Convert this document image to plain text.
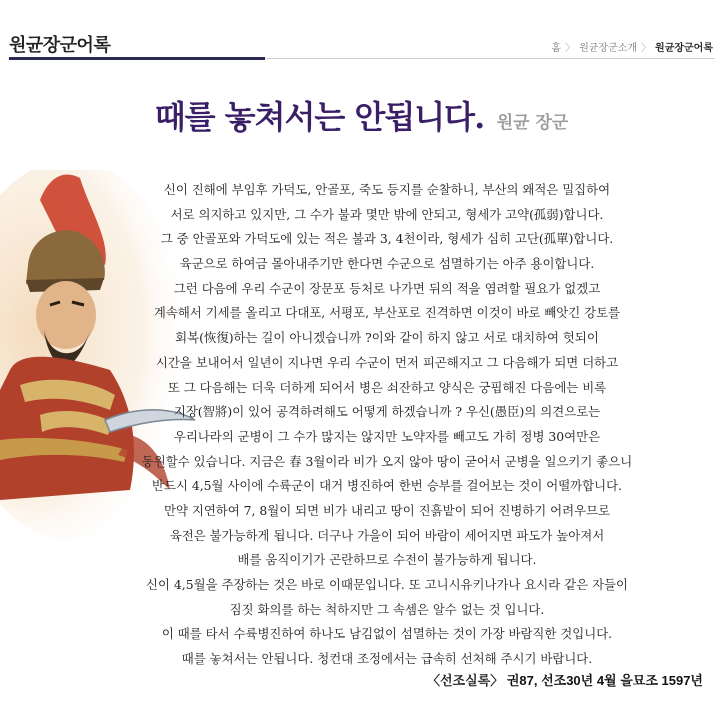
원균장군어록	홈 〉 원균장군소개 〉 원균장군어록
때를 놓쳐서는 안됩니다. 원균 장군
신이 진해에 부임후 가덕도, 안골포, 죽도 등지를 순찰하니, 부산의 왜적은 밀집하여
서로 의지하고 있지만, 그 수가 불과 몇만 밖에 안되고, 형세가 고약(孤弱)합니다.
그 중 안골포와 가덕도에 있는 적은 불과 3, 4천이라, 형세가 심히 고단(孤單)합니다.
육군으로 하여금 몰아내주기만 한다면 수군으로 섬멸하기는 아주 용이합니다.
그런 다음에 우리 수군이 장문포 등처로 나가면 뒤의 적을 염려할 필요가 없겠고
계속해서 기세를 올리고 다대포, 서평포, 부산포로 진격하면 이것이 바로 빼앗긴 강토를
회복(恢復)하는 길이 아니겠습니까 ?이와 같이 하지 않고 서로 대치하여 헛되이
시간을 보내어서 일년이 지나면 우리 수군이 먼저 피곤해지고 그 다음해가 되면 더하고
또 그 다음해는 더욱 더하게 되어서 병은 쇠잔하고 양식은 궁핍해진 다음에는 비록
지장(智將)이 있어 공격하려해도 어떻게 하겠습니까 ? 우신(愚臣)의 의견으로는
우리나라의 군병이 그 수가 많지는 않지만 노약자를 빼고도 가히 정병 30여만은
동원할수 있습니다. 지금은 春 3월이라 비가 오지 않아 땅이 굳어서 군병을 일으키기 좋으니
반드시 4,5월 사이에 수륙군이 대거 병진하여 한번 승부를 걸어보는 것이 어떨까합니다.
만약 지연하여 7, 8월이 되면 비가 내리고 땅이 진흙밭이 되어 진병하기 어려우므로
육전은 불가능하게 됩니다. 더구나 가을이 되어 바람이 세어지면 파도가 높아져서
배를 움직이기가 곤란하므로 수전이 불가능하게 됩니다.
신이 4,5월을 주장하는 것은 바로 이때문입니다. 또 고니시유키나가나 요시라 같은 자들이
짐짓 화의를 하는 척하지만 그 속셈은 알수 없는 것 입니다.
이 때를 타서 수륙병진하여 하나도 남김없이 섬멸하는 것이 가장 바람직한 것입니다.
때를 놓쳐서는 안됩니다. 청컨대 조정에서는 급속히 선처해 주시기 바랍니다.
〈선조실록〉 권87, 선조30년 4월 을묘조 1597년
